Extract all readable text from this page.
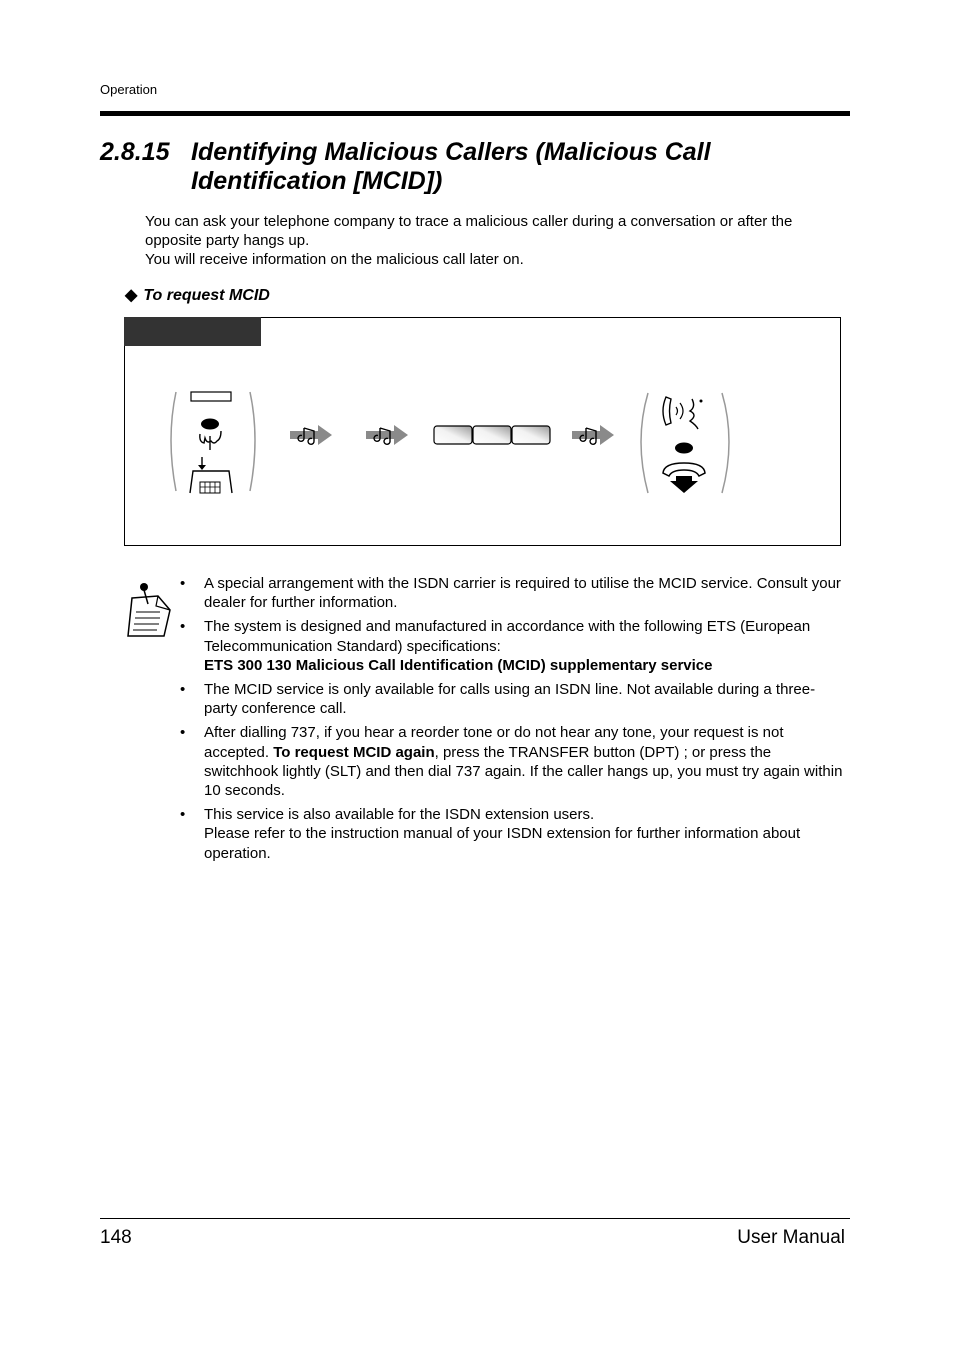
Operation
2.8.15 Identifying Malicious Callers (Malicious Call
Identification [MCID])

You can ask your telephone company to trace a malicious caller during a conversation or after the opposite party hangs up.

You will receive information on the malicious call later on.

◆ To request MCID
• A special arrangement with the ISDN carrier is required to utilise the MCID service. Consult your dealer for further information.
• The system is designed and manufactured in accordance with the following ETS (European Telecommunication Standard) specifications:
ETS 300 130 Malicious Call Identification (MCID) supplementary service
• The MCID service is only available for calls using an ISDN line. Not available during a three-party conference call.
• After dialling 737, if you hear a reorder tone or do not hear any tone, your request is not accepted. To request MCID again, press the TRANSFER button (DPT) ; or press the switchhook lightly (SLT) and then dial 737 again. If the caller hangs up, you must try again within 10 seconds.
• This service is also available for the ISDN extension users.
Please refer to the instruction manual of your ISDN extension for further information about operation.
148	User Manual
